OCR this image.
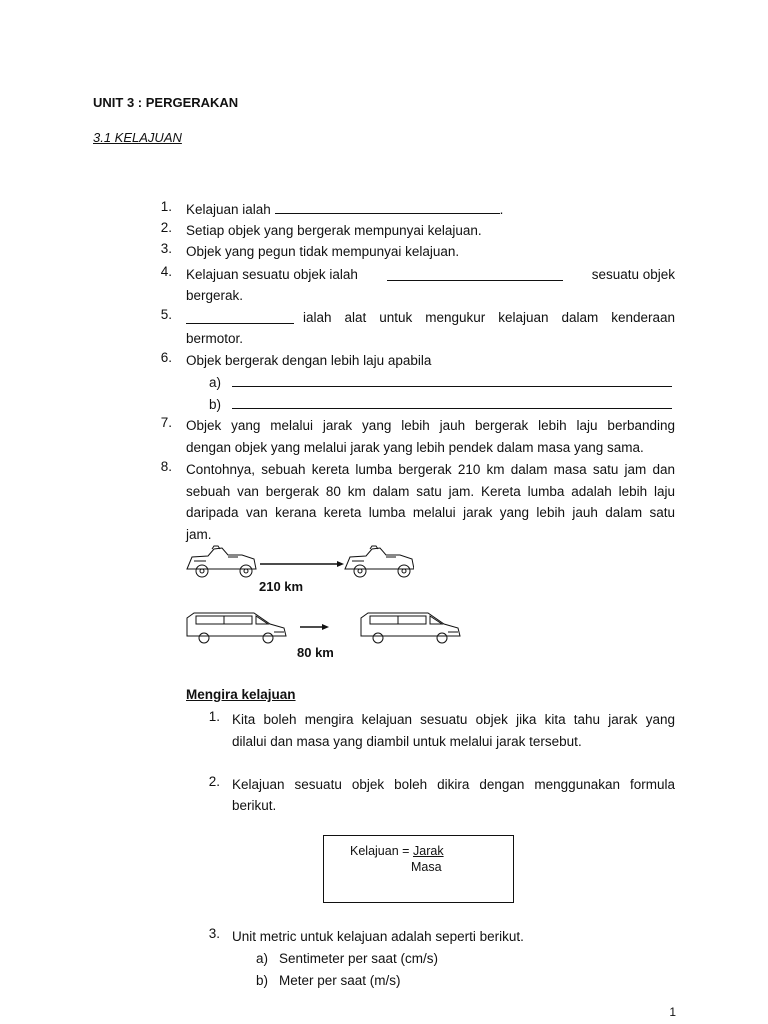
UNIT 3 : PERGERAKAN
3.1 KELAJUAN
1. Kelajuan ialah	.
2. Setiap objek yang bergerak mempunyai kelajuan.
3. Objek yang pegun tidak mempunyai kelajuan.
4. Kelajuan sesuatu objek ialah	sesuatu objek
bergerak.
5.	ialah alat untuk mengukur kelajuan dalam kenderaan
bermotor.
6. Objek bergerak dengan lebih laju apabila
a)
b)
7. Objek yang melalui jarak yang lebih jauh bergerak lebih laju berbanding
dengan objek yang melalui jarak yang lebih pendek dalam masa yang sama.
8. Contohnya, sebuah kereta lumba bergerak 210 km dalam masa satu jam dan
sebuah van bergerak 80 km dalam satu jam. Kereta lumba adalah lebih laju
daripada van kerana kereta lumba melalui jarak yang lebih jauh dalam satu
jam.
210 km
80 km
Mengira kelajuan
1. Kita boleh mengira kelajuan sesuatu objek jika kita tahu jarak yang
dilalui dan masa yang diambil untuk melalui jarak tersebut.
2. Kelajuan sesuatu objek boleh dikira dengan menggunakan formula
berikut.
Kelajuan = Jarak
Masa
3. Unit metric untuk kelajuan adalah seperti berikut.
a) Sentimeter per saat (cm/s)
b) Meter per saat (m/s)
1
